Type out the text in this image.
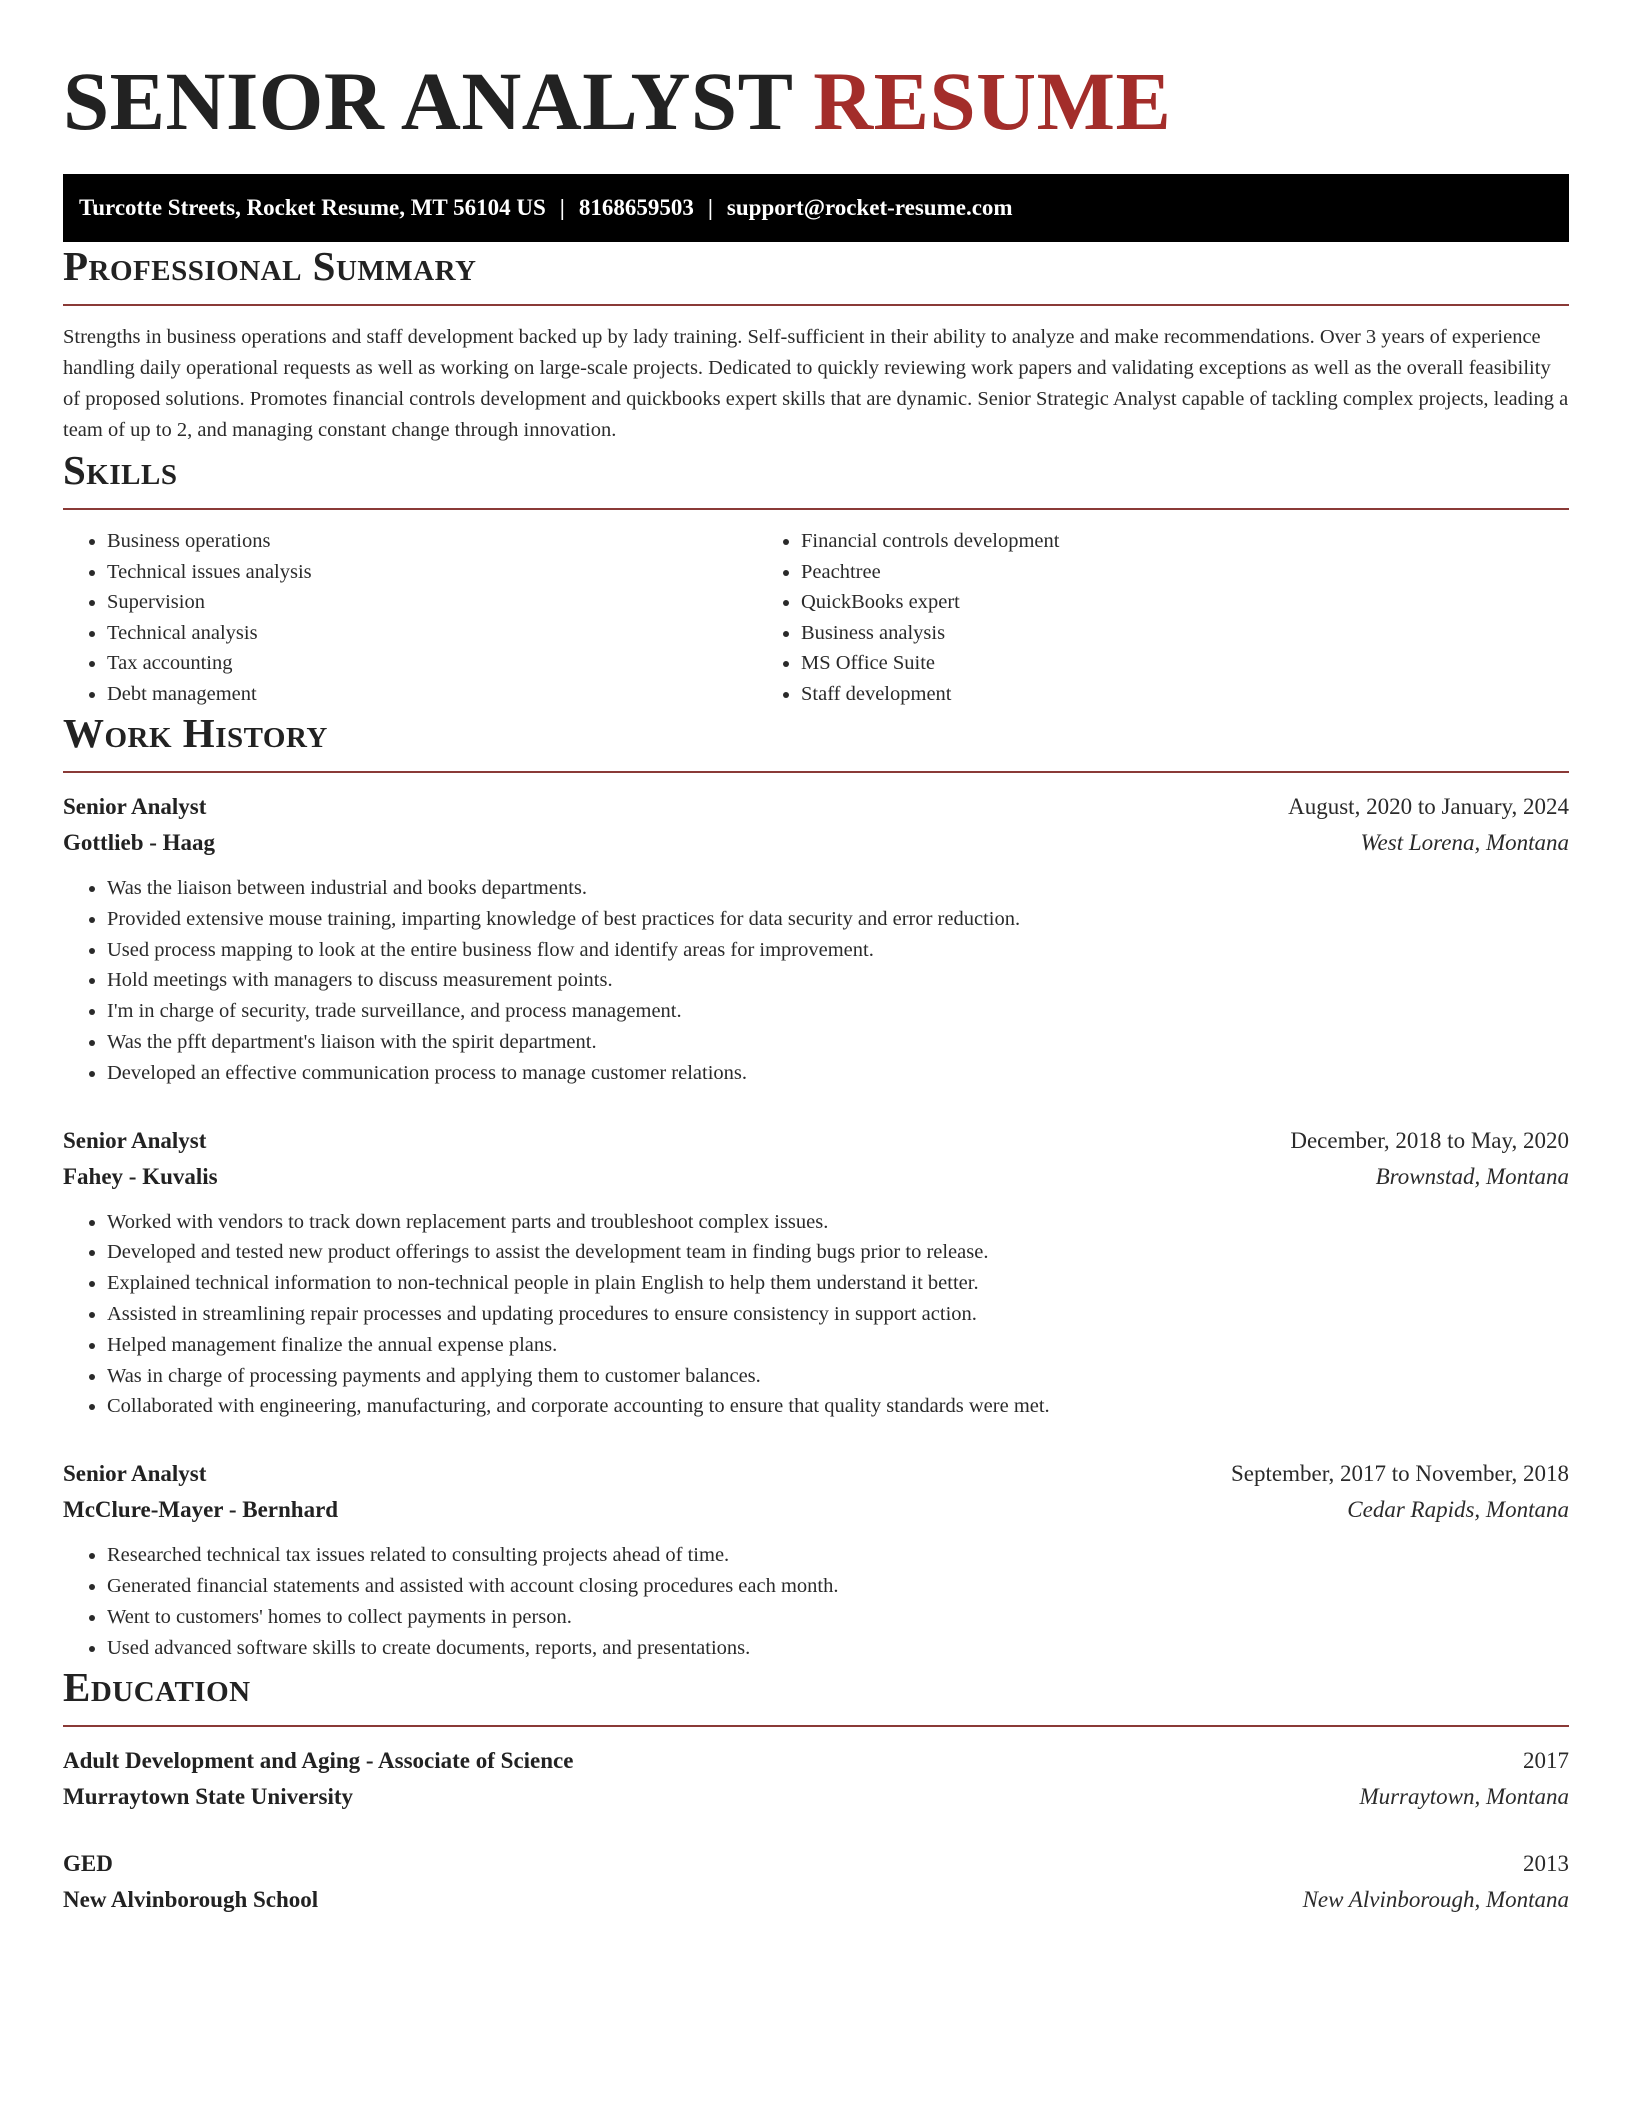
SENIOR ANALYST RESUME
Turcotte Streets, Rocket Resume, MT 56104 US | 8168659503 | support@rocket-resume.com
Professional Summary

Strengths in business operations and staff development backed up by lady training. Self-sufficient in their ability to analyze and make recommendations. Over 3 years of experience handling daily operational requests as well as working on large-scale projects. Dedicated to quickly reviewing work papers and validating exceptions as well as the overall feasibility of proposed solutions. Promotes financial controls development and quickbooks expert skills that are dynamic. Senior Strategic Analyst capable of tackling complex projects, leading a team of up to 2, and managing constant change through innovation.

Skills
• Business operations
• Technical issues analysis
• Supervision
• Technical analysis
• Tax accounting
• Debt management
• Financial controls development
• Peachtree
• QuickBooks expert
• Business analysis
• MS Office Suite
• Staff development
Work History
Senior Analyst	August, 2020 to January, 2024
Gottlieb - Haag	West Lorena, Montana
• Was the liaison between industrial and books departments.
• Provided extensive mouse training, imparting knowledge of best practices for data security and error reduction.
• Used process mapping to look at the entire business flow and identify areas for improvement.
• Hold meetings with managers to discuss measurement points.
• I'm in charge of security, trade surveillance, and process management.
• Was the pfft department's liaison with the spirit department.
• Developed an effective communication process to manage customer relations.
Senior Analyst	December, 2018 to May, 2020
Fahey - Kuvalis	Brownstad, Montana
• Worked with vendors to track down replacement parts and troubleshoot complex issues.
• Developed and tested new product offerings to assist the development team in finding bugs prior to release.
• Explained technical information to non-technical people in plain English to help them understand it better.
• Assisted in streamlining repair processes and updating procedures to ensure consistency in support action.
• Helped management finalize the annual expense plans.
• Was in charge of processing payments and applying them to customer balances.
• Collaborated with engineering, manufacturing, and corporate accounting to ensure that quality standards were met.
Senior Analyst	September, 2017 to November, 2018
McClure-Mayer - Bernhard	Cedar Rapids, Montana
• Researched technical tax issues related to consulting projects ahead of time.
• Generated financial statements and assisted with account closing procedures each month.
• Went to customers' homes to collect payments in person.
• Used advanced software skills to create documents, reports, and presentations.
Education
Adult Development and Aging - Associate of Science	2017
Murraytown State University	Murraytown, Montana
GED	2013
New Alvinborough School	New Alvinborough, Montana
